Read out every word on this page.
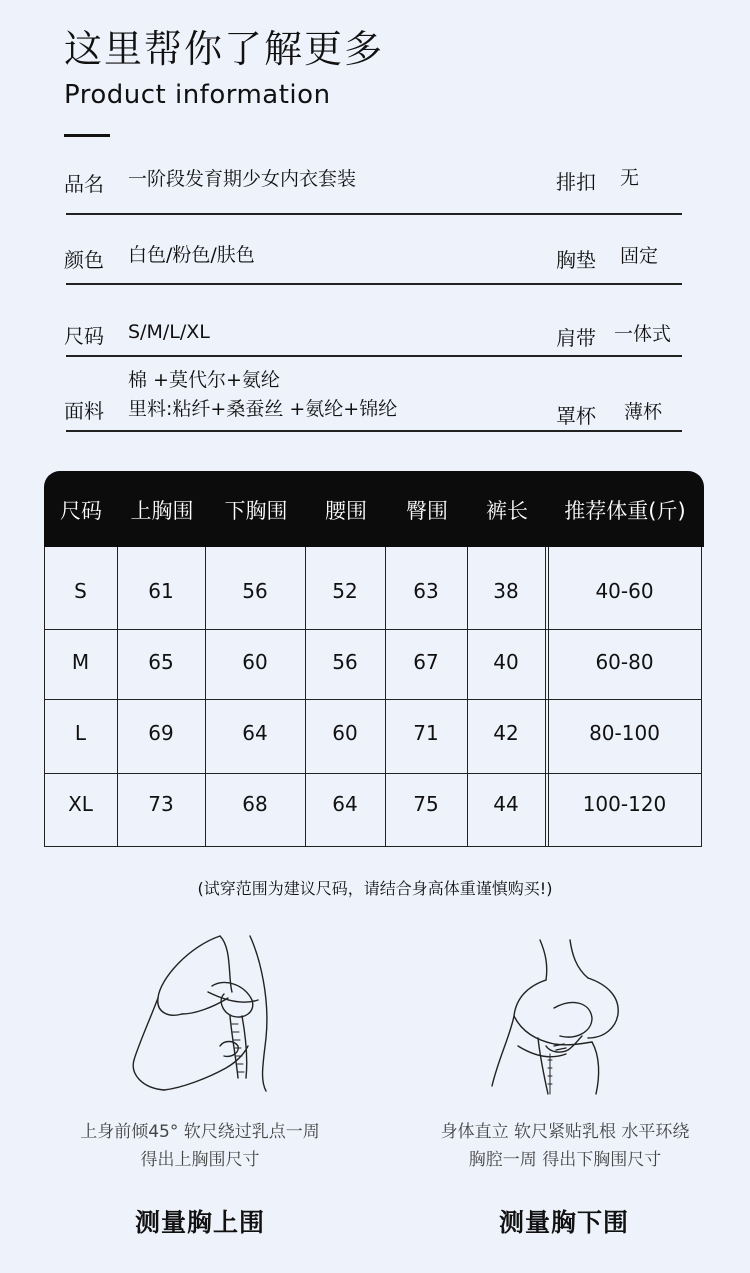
这里帮你了解更多
Product information
品名 一阶段发育期少女内衣套装	排扣 无
颜色 白色/粉色/肤色	胸垫 固定
尺码 S/M/L/XL	肩带 一体式
棉 +莫代尔+氨纶
面料 里料:粘纤+桑蚕丝 +氨纶+锦纶	罩杯 薄杯
尺码	上胸围	下胸围	腰围	臀围	裤长	推荐体重(斤)
S	61	56	52	63	38	40-60
M	65	60	56	67	40	60-80
L	69	64	60	71	42	80-100
XL	73	68	64	75	44	100-120
(试穿范围为建议尺码，请结合身高体重谨慎购买!)
上身前倾45° 软尺绕过乳点一周
得出上胸围尺寸
身体直立 软尺紧贴乳根 水平环绕
胸腔一周 得出下胸围尺寸
测量胸上围	测量胸下围
